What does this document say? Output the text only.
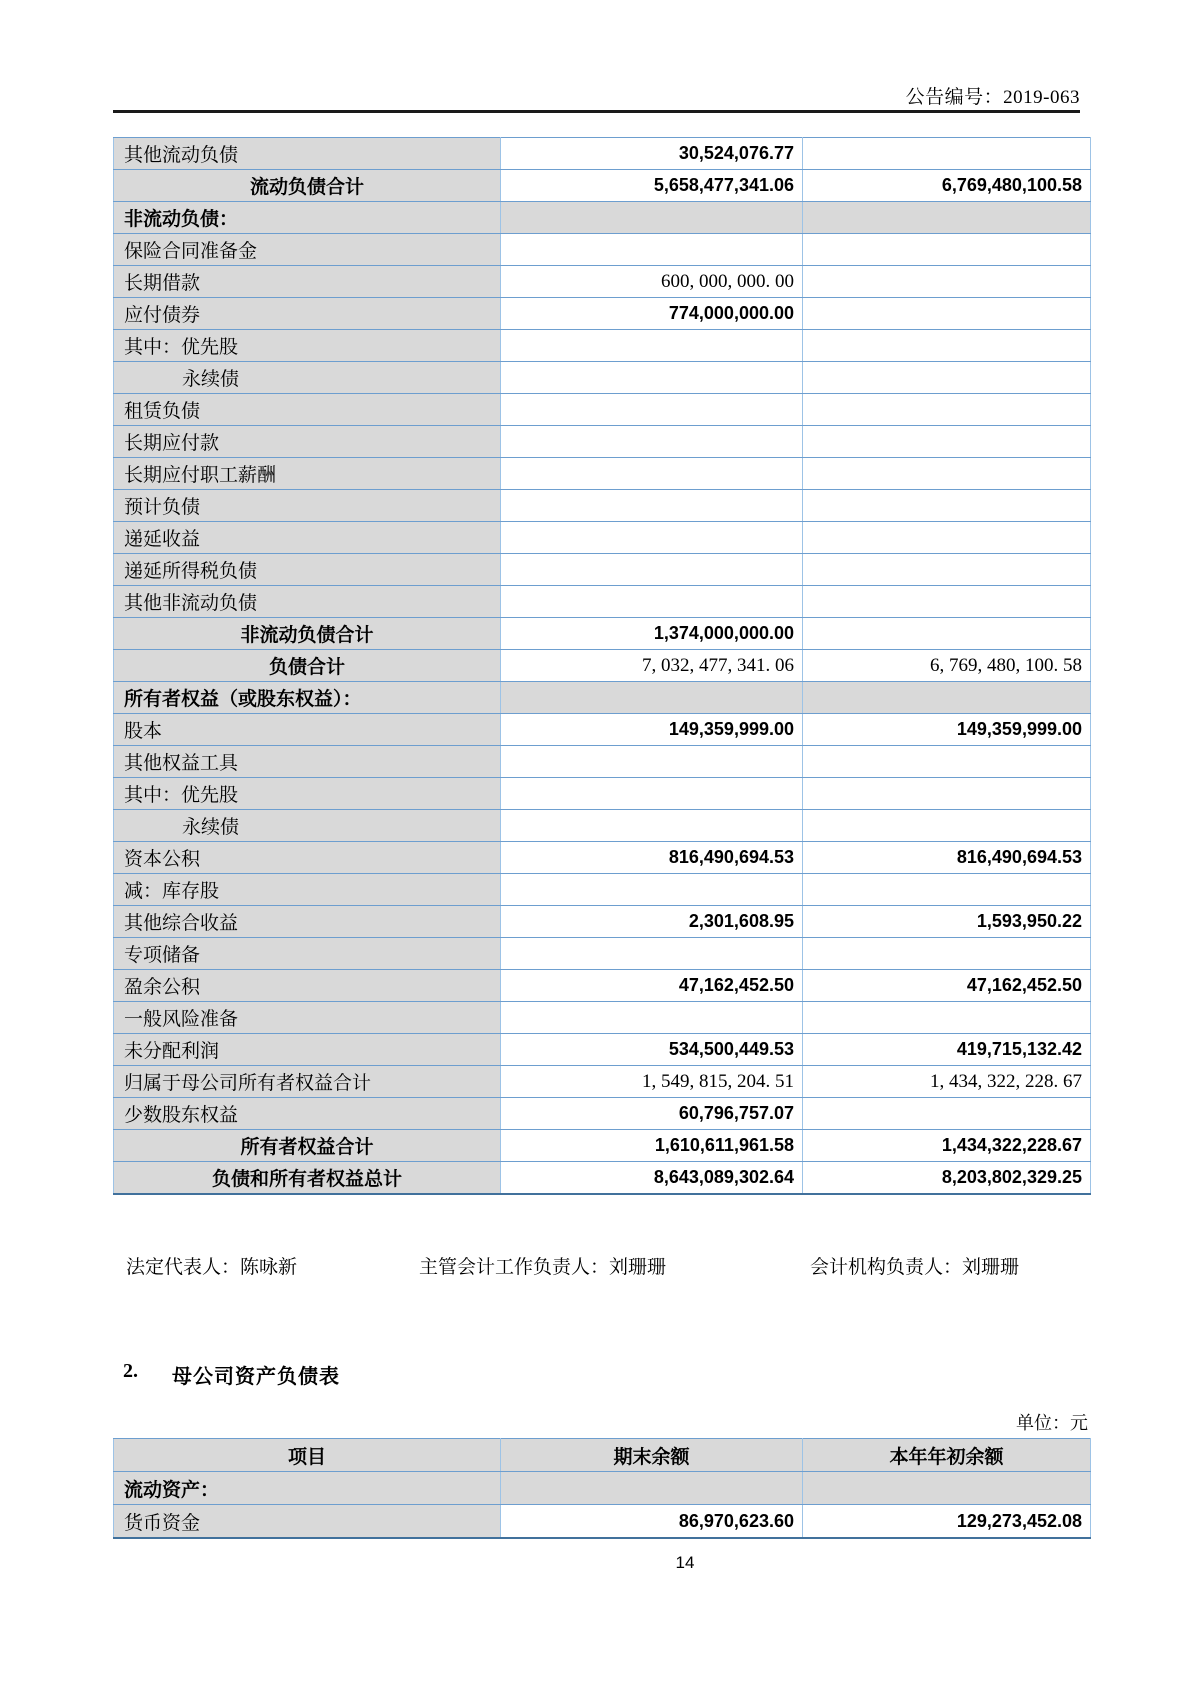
公告编号：2019-063
其他流动负债	30,524,076.77	
流动负债合计	5,658,477,341.06	6,769,480,100.58
非流动负债：		
保险合同准备金		
长期借款	600, 000, 000. 00	
应付债券	774,000,000.00	
其中：优先股		
永续债		
租赁负债		
长期应付款		
长期应付职工薪酬		
预计负债		
递延收益		
递延所得税负债		
其他非流动负债		
非流动负债合计	1,374,000,000.00	
负债合计	7, 032, 477, 341. 06	6, 769, 480, 100. 58
所有者权益（或股东权益）：		
股本	149,359,999.00	149,359,999.00
其他权益工具		
其中：优先股		
永续债		
资本公积	816,490,694.53	816,490,694.53
减：库存股		
其他综合收益	2,301,608.95	1,593,950.22
专项储备		
盈余公积	47,162,452.50	47,162,452.50
一般风险准备		
未分配利润	534,500,449.53	419,715,132.42
归属于母公司所有者权益合计	1, 549, 815, 204. 51	1, 434, 322, 228. 67
少数股东权益	60,796,757.07	
所有者权益合计	1,610,611,961.58	1,434,322,228.67
负债和所有者权益总计	8,643,089,302.64	8,203,802,329.25
法定代表人：陈咏新	主管会计工作负责人：刘珊珊	会计机构负责人：刘珊珊
2. 母公司资产负债表
单位：元
项目	期末余额	本年年初余额
流动资产：		
货币资金	86,970,623.60	129,273,452.08
14
